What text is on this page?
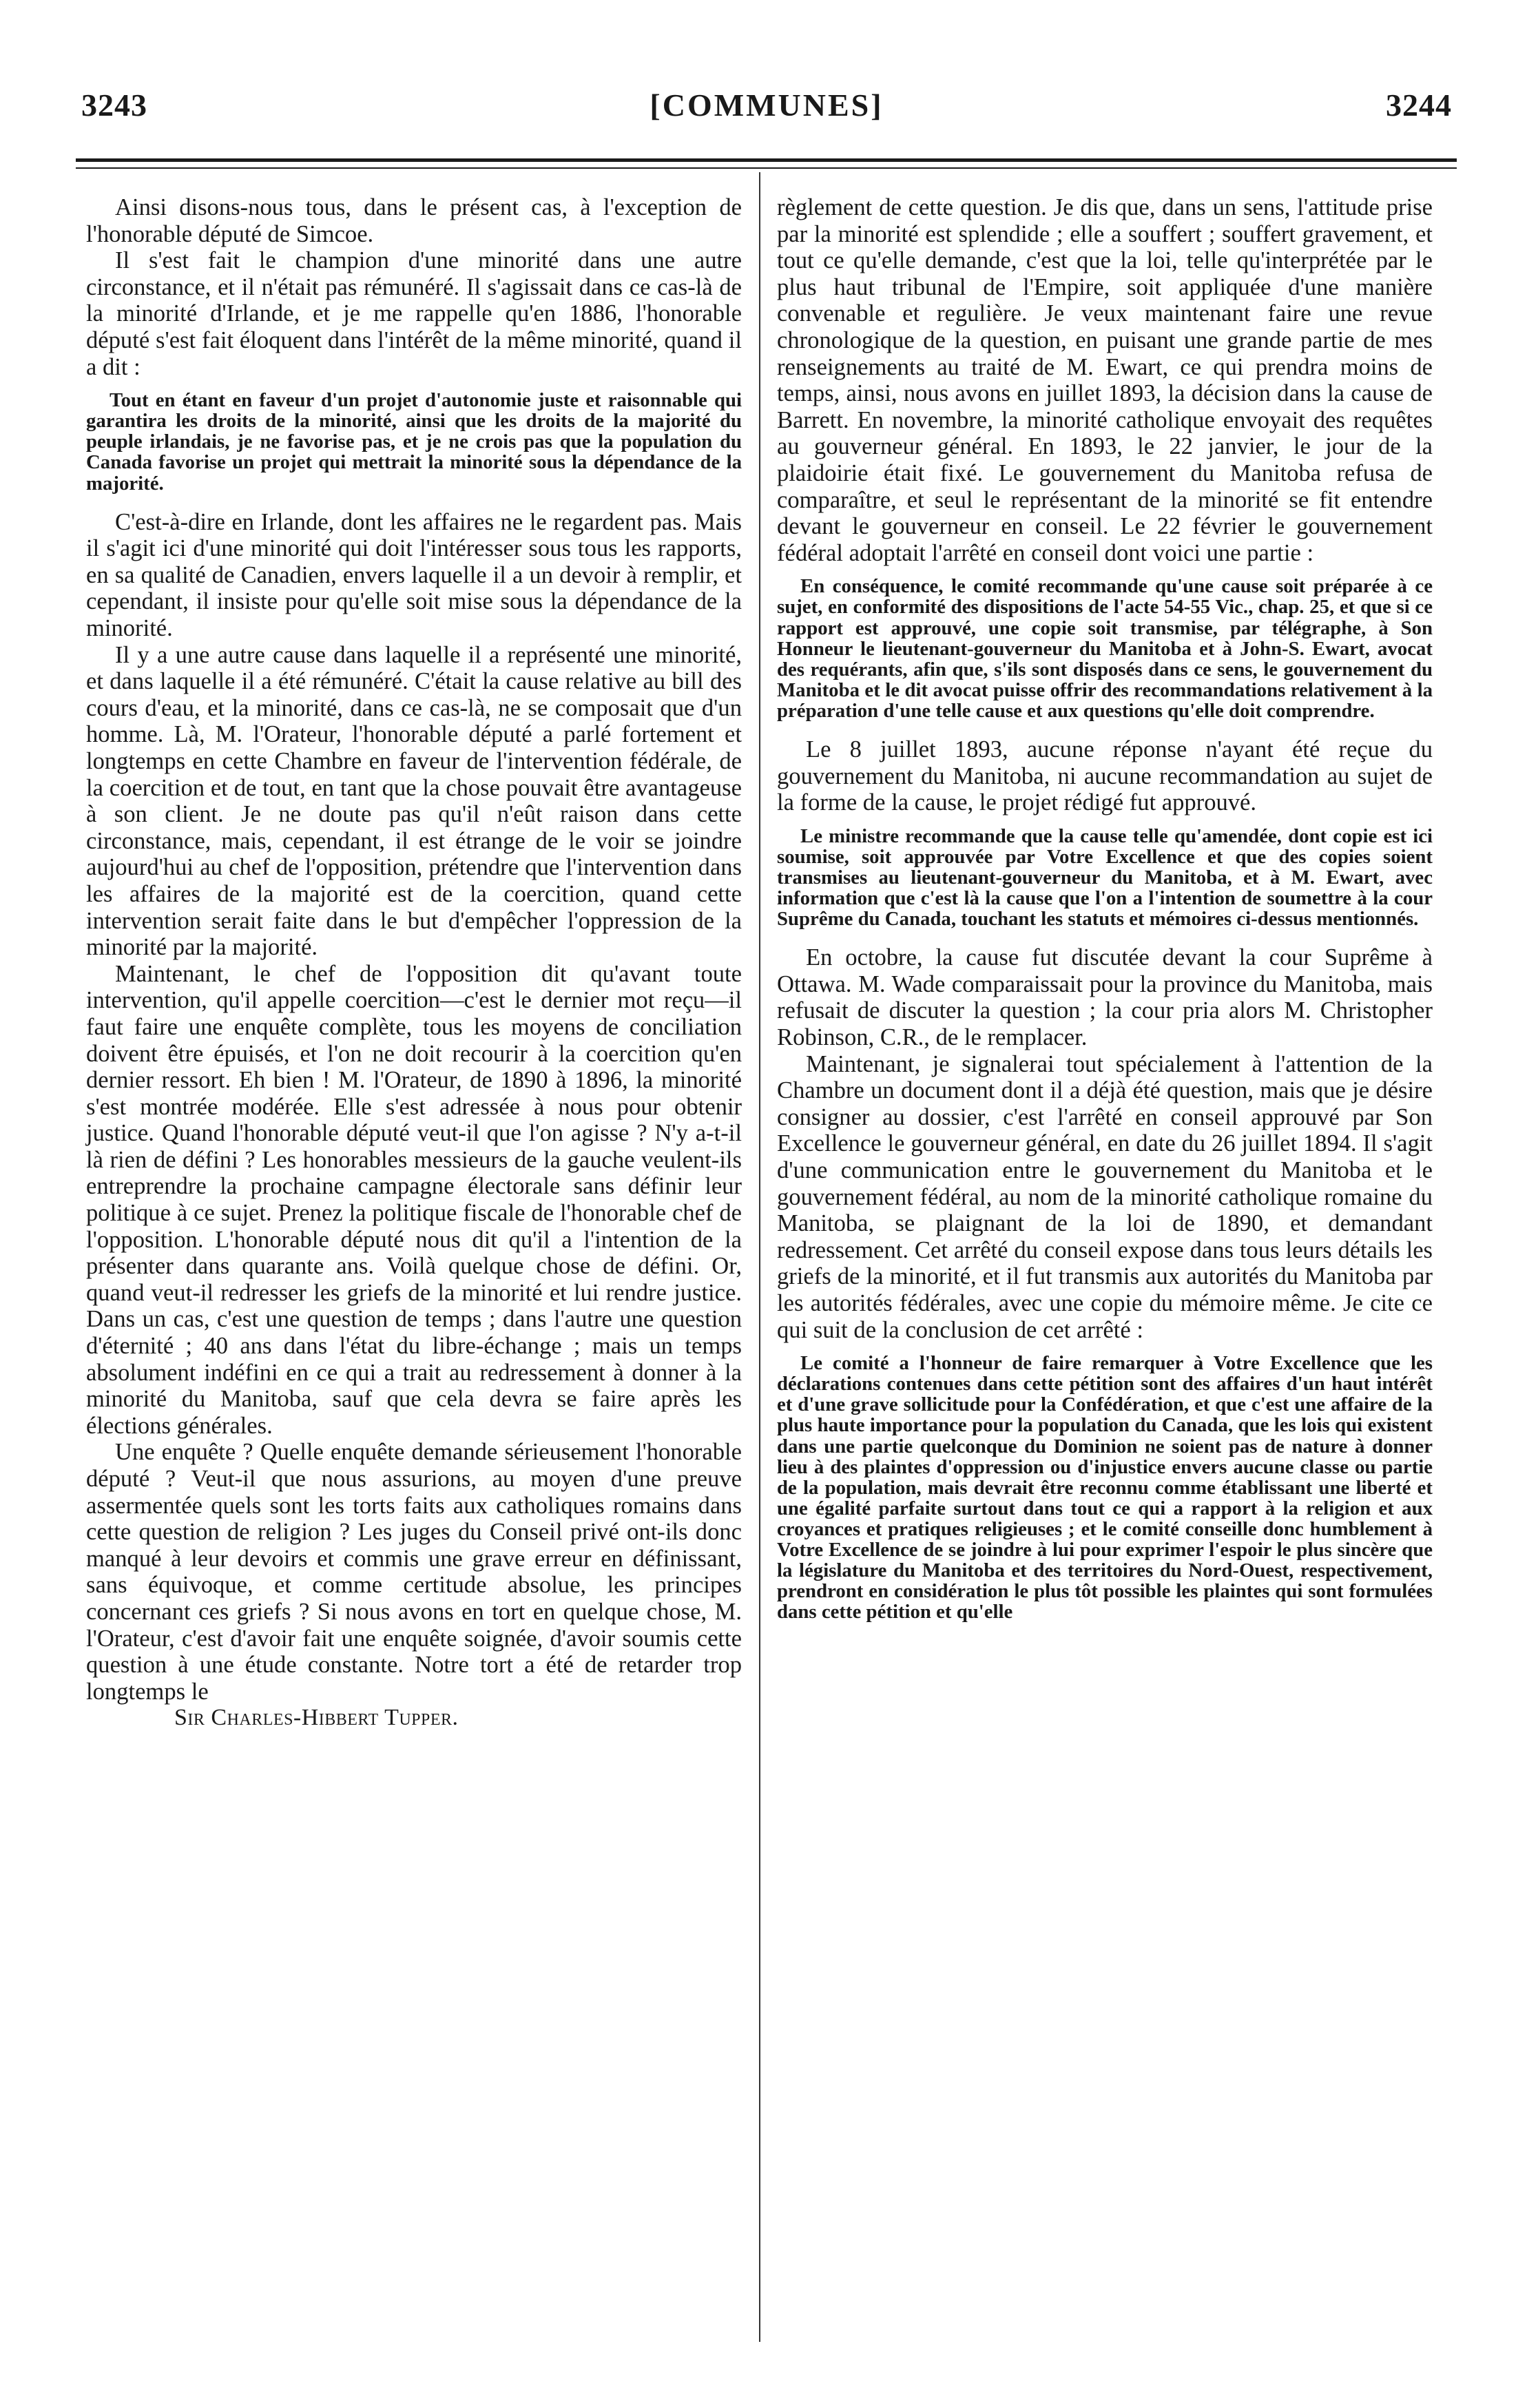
3243	[COMMUNES]	3244

Ainsi disons-nous tous, dans le présent cas, à l'exception de l'honorable député de Simcoe.

Il s'est fait le champion d'une minorité dans une autre circonstance, et il n'était pas rémunéré. Il s'agissait dans ce cas-là de la minorité d'Irlande, et je me rappelle qu'en 1886, l'honorable député s'est fait éloquent dans l'intérêt de la même minorité, quand il a dit :

Tout en étant en faveur d'un projet d'autonomie juste et raisonnable qui garantira les droits de la minorité, ainsi que les droits de la majorité du peuple irlandais, je ne favorise pas, et je ne crois pas que la population du Canada favorise un projet qui mettrait la minorité sous la dépendance de la majorité.

C'est-à-dire en Irlande, dont les affaires ne le regardent pas. Mais il s'agit ici d'une minorité qui doit l'intéresser sous tous les rapports, en sa qualité de Canadien, envers laquelle il a un devoir à remplir, et cependant, il insiste pour qu'elle soit mise sous la dépendance de la minorité.

Il y a une autre cause dans laquelle il a représenté une minorité, et dans laquelle il a été rémunéré. C'était la cause relative au bill des cours d'eau, et la minorité, dans ce cas-là, ne se composait que d'un homme. Là, M. l'Orateur, l'honorable député a parlé fortement et longtemps en cette Chambre en faveur de l'intervention fédérale, de la coercition et de tout, en tant que la chose pouvait être avantageuse à son client. Je ne doute pas qu'il n'eût raison dans cette circonstance, mais, cependant, il est étrange de le voir se joindre aujourd'hui au chef de l'opposition, prétendre que l'intervention dans les affaires de la majorité est de la coercition, quand cette intervention serait faite dans le but d'empêcher l'oppression de la minorité par la majorité.

Maintenant, le chef de l'opposition dit qu'avant toute intervention, qu'il appelle coercition—c'est le dernier mot reçu—il faut faire une enquête complète, tous les moyens de conciliation doivent être épuisés, et l'on ne doit recourir à la coercition qu'en dernier ressort. Eh bien ! M. l'Orateur, de 1890 à 1896, la minorité s'est montrée modérée. Elle s'est adressée à nous pour obtenir justice. Quand l'honorable député veut-il que l'on agisse ? N'y a-t-il là rien de défini ? Les honorables messieurs de la gauche veulent-ils entreprendre la prochaine campagne électorale sans définir leur politique à ce sujet. Prenez la politique fiscale de l'honorable chef de l'opposition. L'honorable député nous dit qu'il a l'intention de la présenter dans quarante ans. Voilà quelque chose de défini. Or, quand veut-il redresser les griefs de la minorité et lui rendre justice. Dans un cas, c'est une question de temps ; dans l'autre une question d'éternité ; 40 ans dans l'état du libre-échange ; mais un temps absolument indéfini en ce qui a trait au redressement à donner à la minorité du Manitoba, sauf que cela devra se faire après les élections générales.

Une enquête ? Quelle enquête demande sérieusement l'honorable député ? Veut-il que nous assurions, au moyen d'une preuve assermentée quels sont les torts faits aux catholiques romains dans cette question de religion ? Les juges du Conseil privé ont-ils donc manqué à leur devoirs et commis une grave erreur en définissant, sans équivoque, et comme certitude absolue, les principes concernant ces griefs ? Si nous avons en tort en quelque chose, M. l'Orateur, c'est d'avoir fait une enquête soignée, d'avoir soumis cette question à une étude constante. Notre tort a été de retarder trop longtemps le

Sir Charles-Hibbert Tupper.

règlement de cette question. Je dis que, dans un sens, l'attitude prise par la minorité est splendide ; elle a souffert ; souffert gravement, et tout ce qu'elle demande, c'est que la loi, telle qu'interprétée par le plus haut tribunal de l'Empire, soit appliquée d'une manière convenable et regulière. Je veux maintenant faire une revue chronologique de la question, en puisant une grande partie de mes renseignements au traité de M. Ewart, ce qui prendra moins de temps, ainsi, nous avons en juillet 1893, la décision dans la cause de Barrett. En novembre, la minorité catholique envoyait des requêtes au gouverneur général. En 1893, le 22 janvier, le jour de la plaidoirie était fixé. Le gouvernement du Manitoba refusa de comparaître, et seul le représentant de la minorité se fit entendre devant le gouverneur en conseil. Le 22 février le gouvernement fédéral adoptait l'arrêté en conseil dont voici une partie :

En conséquence, le comité recommande qu'une cause soit préparée à ce sujet, en conformité des dispositions de l'acte 54-55 Vic., chap. 25, et que si ce rapport est approuvé, une copie soit transmise, par télégraphe, à Son Honneur le lieutenant-gouverneur du Manitoba et à John-S. Ewart, avocat des requérants, afin que, s'ils sont disposés dans ce sens, le gouvernement du Manitoba et le dit avocat puisse offrir des recommandations relativement à la préparation d'une telle cause et aux questions qu'elle doit comprendre.

Le 8 juillet 1893, aucune réponse n'ayant été reçue du gouvernement du Manitoba, ni aucune recommandation au sujet de la forme de la cause, le projet rédigé fut approuvé.

Le ministre recommande que la cause telle qu'amendée, dont copie est ici soumise, soit approuvée par Votre Excellence et que des copies soient transmises au lieutenant-gouverneur du Manitoba, et à M. Ewart, avec information que c'est là la cause que l'on a l'intention de soumettre à la cour Suprême du Canada, touchant les statuts et mémoires ci-dessus mentionnés.

En octobre, la cause fut discutée devant la cour Suprême à Ottawa. M. Wade comparaissait pour la province du Manitoba, mais refusait de discuter la question ; la cour pria alors M. Christopher Robinson, C.R., de le remplacer.

Maintenant, je signalerai tout spécialement à l'attention de la Chambre un document dont il a déjà été question, mais que je désire consigner au dossier, c'est l'arrêté en conseil approuvé par Son Excellence le gouverneur général, en date du 26 juillet 1894. Il s'agit d'une communication entre le gouvernement du Manitoba et le gouvernement fédéral, au nom de la minorité catholique romaine du Manitoba, se plaignant de la loi de 1890, et demandant redressement. Cet arrêté du conseil expose dans tous leurs détails les griefs de la minorité, et il fut transmis aux autorités du Manitoba par les autorités fédérales, avec une copie du mémoire même. Je cite ce qui suit de la conclusion de cet arrêté :

Le comité a l'honneur de faire remarquer à Votre Excellence que les déclarations contenues dans cette pétition sont des affaires d'un haut intérêt et d'une grave sollicitude pour la Confédération, et que c'est une affaire de la plus haute importance pour la population du Canada, que les lois qui existent dans une partie quelconque du Dominion ne soient pas de nature à donner lieu à des plaintes d'oppression ou d'injustice envers aucune classe ou partie de la population, mais devrait être reconnu comme établissant une liberté et une égalité parfaite surtout dans tout ce qui a rapport à la religion et aux croyances et pratiques religieuses ; et le comité conseille donc humblement à Votre Excellence de se joindre à lui pour exprimer l'espoir le plus sincère que la législature du Manitoba et des territoires du Nord-Ouest, respectivement, prendront en considération le plus tôt possible les plaintes qui sont formulées dans cette pétition et qu'elle
